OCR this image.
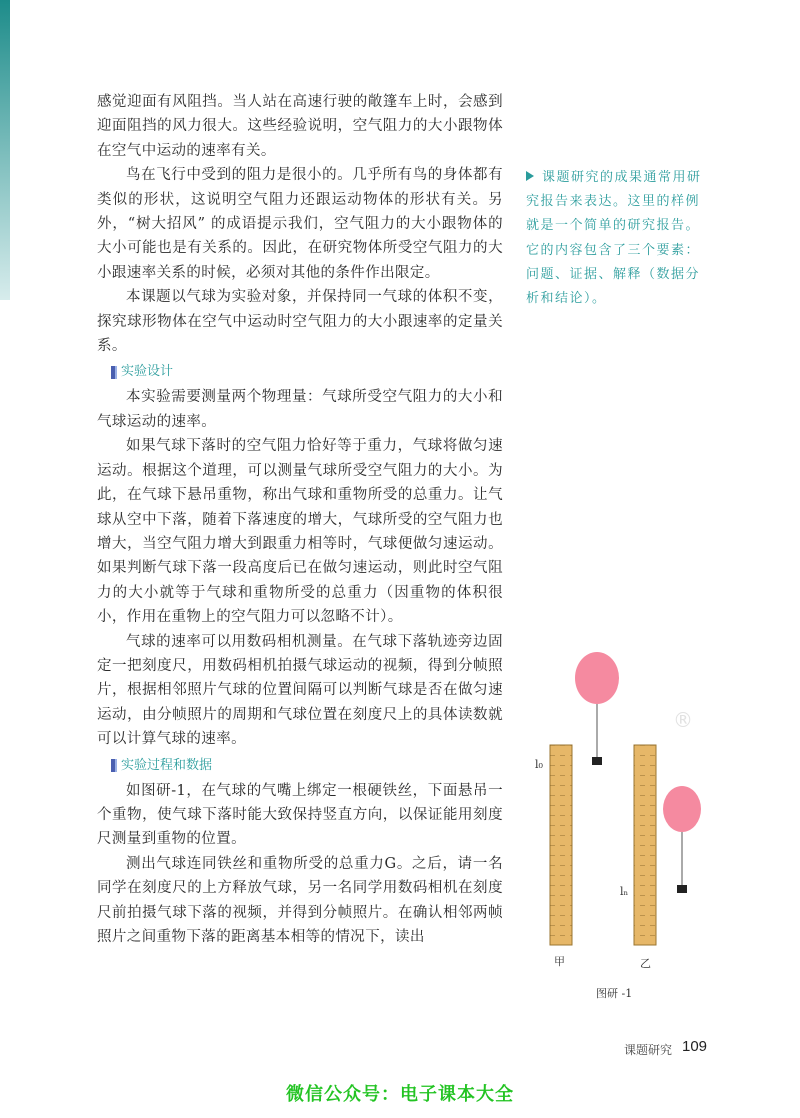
感觉迎面有风阻挡。当人站在高速行驶的敞篷车上时，会感到迎面阻挡的风力很大。这些经验说明，空气阻力的大小跟物体在空气中运动的速率有关。

鸟在飞行中受到的阻力是很小的。几乎所有鸟的身体都有类似的形状，这说明空气阻力还跟运动物体的形状有关。另外，“树大招风” 的成语提示我们，空气阻力的大小跟物体的大小可能也是有关系的。因此，在研究物体所受空气阻力的大小跟速率关系的时候，必须对其他的条件作出限定。

本课题以气球为实验对象，并保持同一气球的体积不变，探究球形物体在空气中运动时空气阻力的大小跟速率的定量关系。

实验设计

本实验需要测量两个物理量：气球所受空气阻力的大小和气球运动的速率。

如果气球下落时的空气阻力恰好等于重力，气球将做匀速运动。根据这个道理，可以测量气球所受空气阻力的大小。为此，在气球下悬吊重物，称出气球和重物所受的总重力。让气球从空中下落，随着下落速度的增大，气球所受的空气阻力也增大，当空气阻力增大到跟重力相等时，气球便做匀速运动。如果判断气球下落一段高度后已在做匀速运动，则此时空气阻力的大小就等于气球和重物所受的总重力（因重物的体积很小，作用在重物上的空气阻力可以忽略不计）。

气球的速率可以用数码相机测量。在气球下落轨迹旁边固定一把刻度尺，用数码相机拍摄气球运动的视频，得到分帧照片，根据相邻照片气球的位置间隔可以判断气球是否在做匀速运动，由分帧照片的周期和气球位置在刻度尺上的具体读数就可以计算气球的速率。

实验过程和数据

如图研-1，在气球的气嘴上绑定一根硬铁丝，下面悬吊一个重物，使气球下落时能大致保持竖直方向，以保证能用刻度尺测量到重物的位置。

测出气球连同铁丝和重物所受的总重力G。之后，请一名同学在刻度尺的上方释放气球，另一名同学用数码相机在刻度尺前拍摄气球下落的视频，并得到分帧照片。在确认相邻两帧照片之间重物下落的距离基本相等的情况下，读出

课题研究的成果通常用研究报告来表达。这里的样例就是一个简单的研究报告。它的内容包含了三个要素：问题、证据、解释（数据分析和结论）。
®
l₀
lₙ
甲	乙
图研 -1
课题研究 109
微信公众号：电子课本大全
